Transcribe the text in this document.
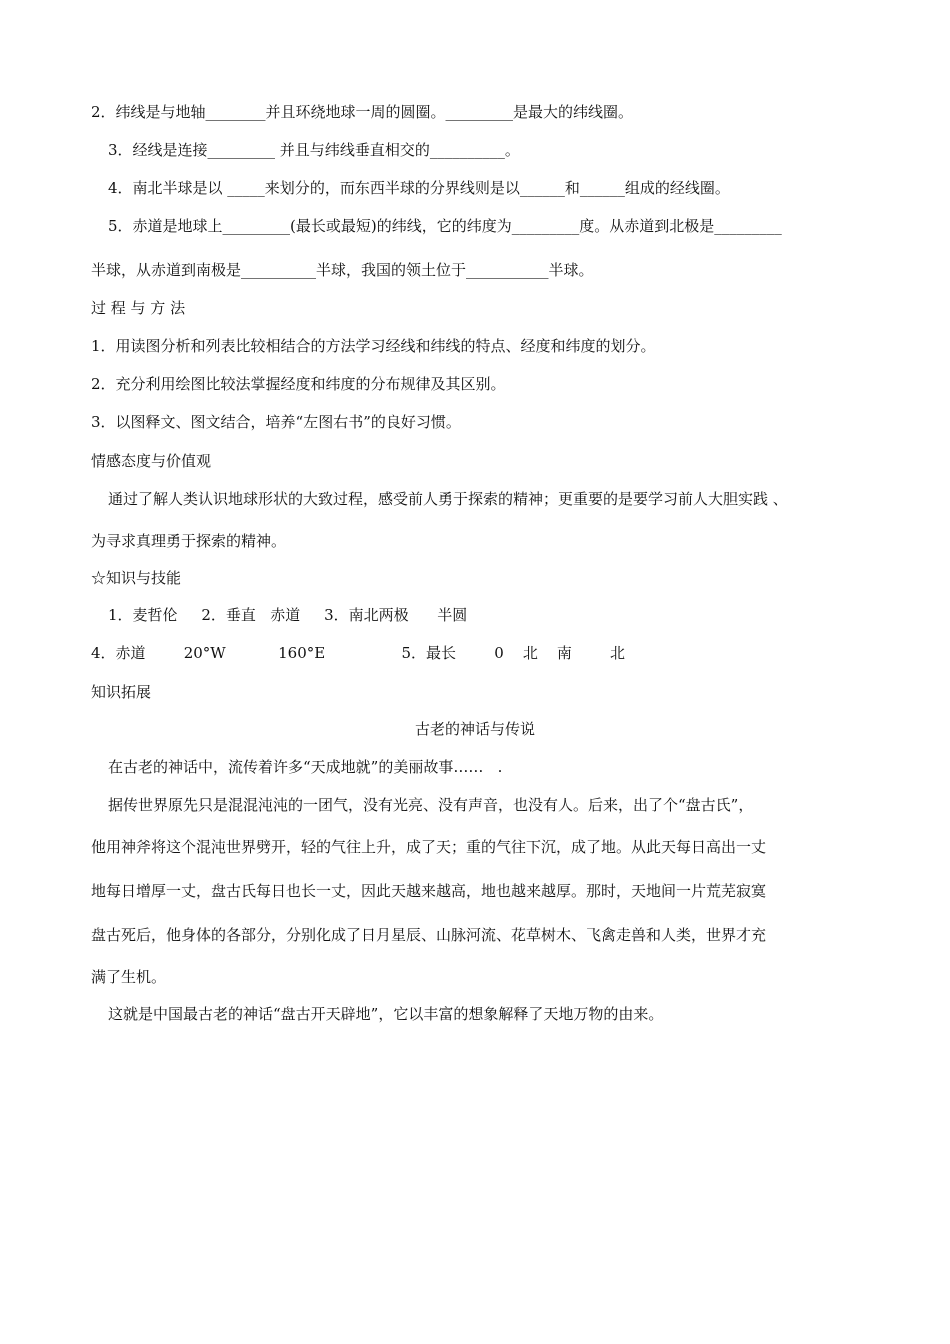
2．纬线是与地轴________并且环绕地球一周的圆圈。_________是最大的纬线圈。
3．经线是连接_________ 并且与纬线垂直相交的__________。
4．南北半球是以 _____来划分的，而东西半球的分界线则是以______和______组成的经线圈。
5．赤道是地球上_________(最长或最短)的纬线，它的纬度为_________度。从赤道到北极是_________
半球，从赤道到南极是__________半球，我国的领土位于___________半球。
过 程 与 方 法
1．用读图分析和列表比较相结合的方法学习经线和纬线的特点、经度和纬度的划分。
2．充分利用绘图比较法掌握经度和纬度的分布规律及其区别。
3．以图释文、图文结合，培养“左图右书”的良好习惯。
情感态度与价值观
通过了解人类认识地球形状的大致过程，感受前人勇于探索的精神；更重要的是要学习前人大胆实践 、
为寻求真理勇于探索的精神。
☆知识与技能
1．麦哲伦     2．垂直   赤道     3．南北两极      半圆
4．赤道        20°W           160°E                5．最长        0    北    南        北
知识拓展
古老的神话与传说
在古老的神话中，流传着许多“天成地就”的美丽故事……   .
据传世界原先只是混混沌沌的一团气，没有光亮、没有声音，也没有人。后来，出了个“盘古氏”，
他用神斧将这个混沌世界劈开，轻的气往上升，成了天；重的气往下沉，成了地。从此天每日高出一丈
地每日增厚一丈，盘古氏每日也长一丈，因此天越来越高，地也越来越厚。那时，天地间一片荒芜寂寞
盘古死后，他身体的各部分，分别化成了日月星辰、山脉河流、花草树木、飞禽走兽和人类，世界才充
满了生机。
这就是中国最古老的神话“盘古开天辟地”，它以丰富的想象解释了天地万物的由来。
